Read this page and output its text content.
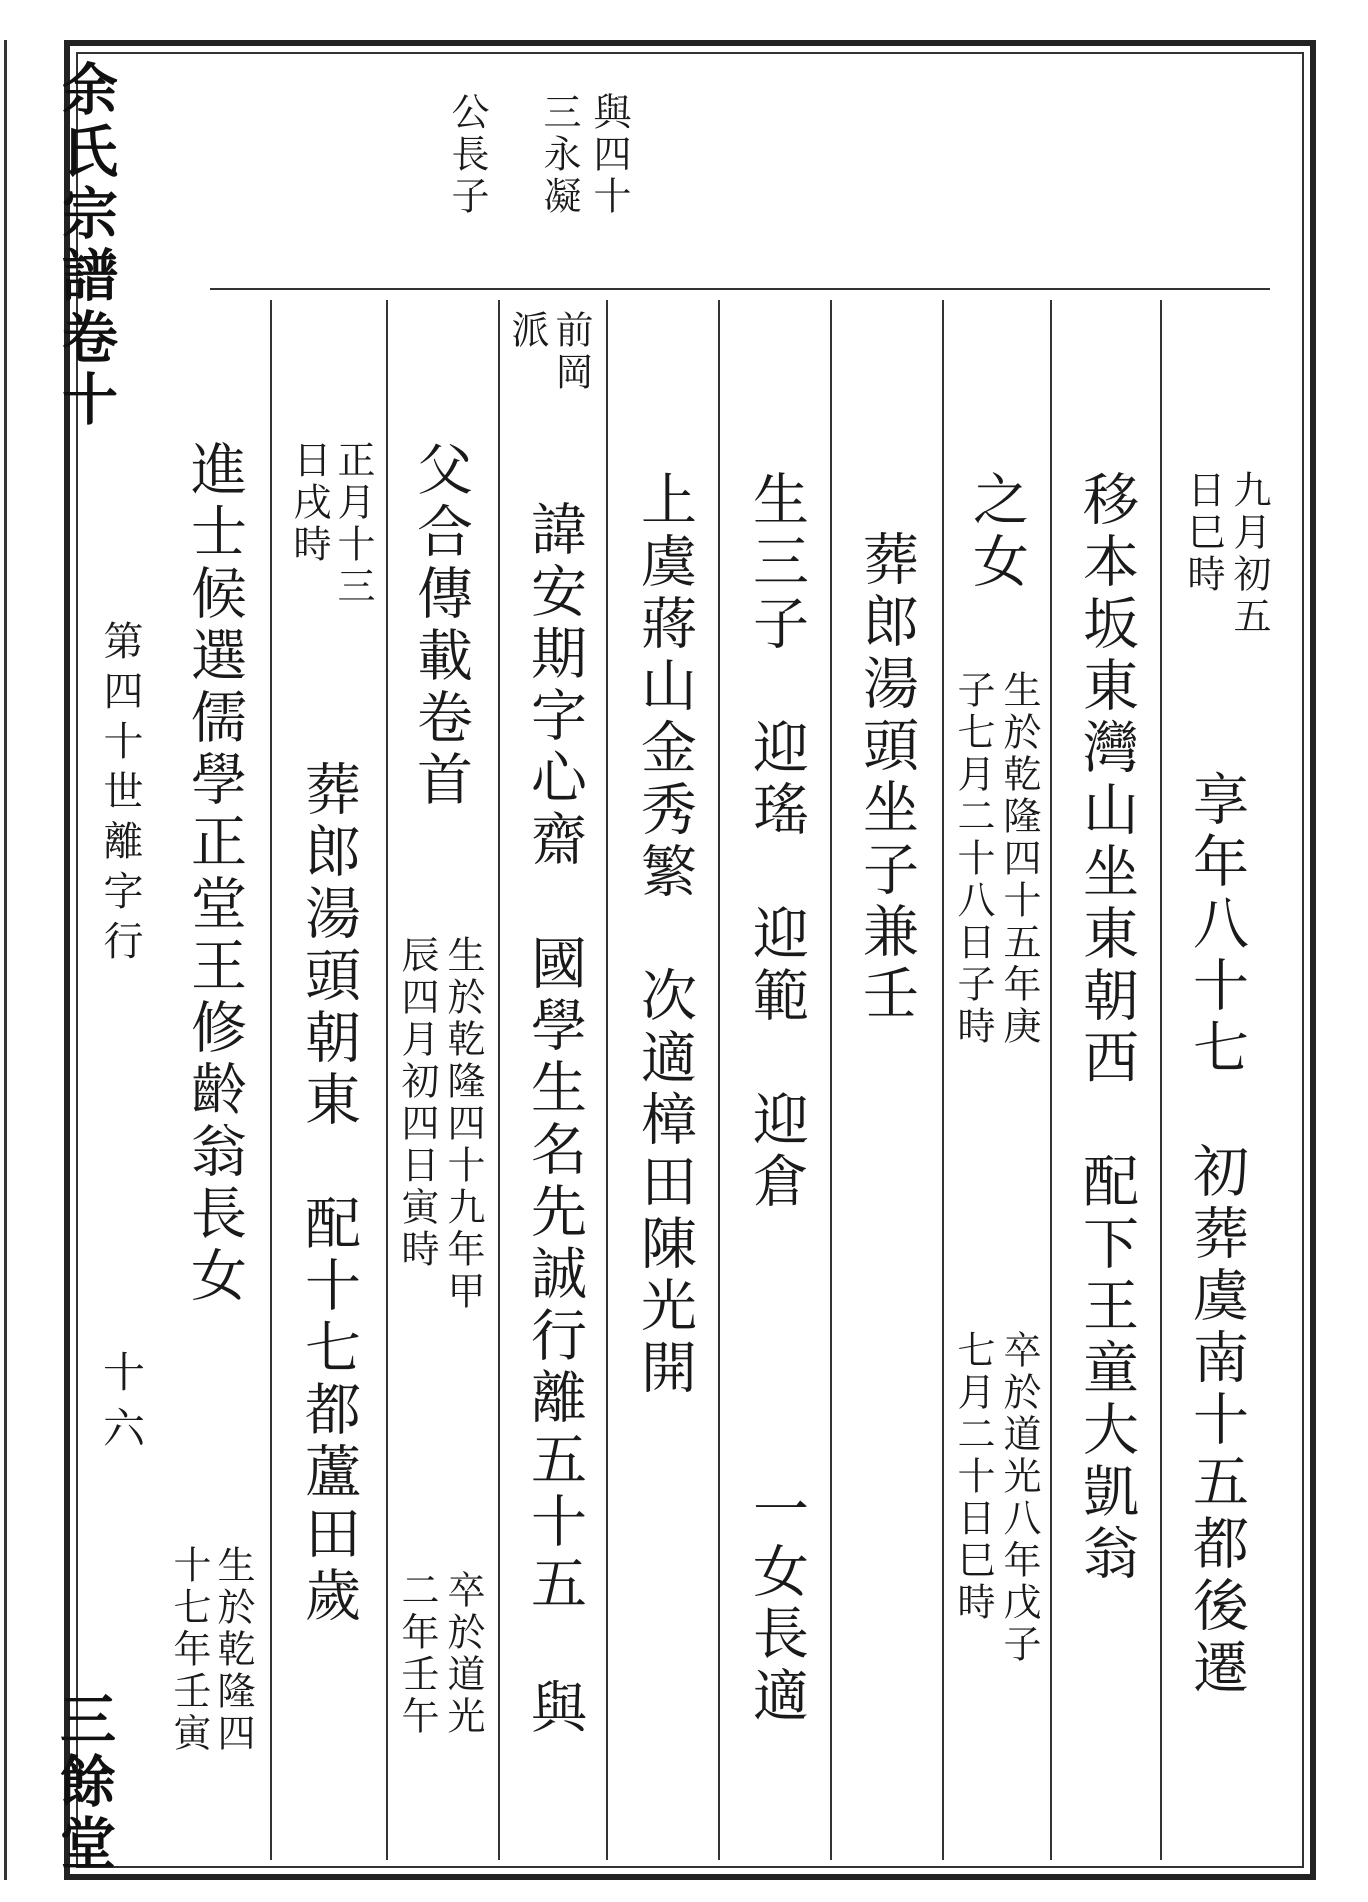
余氏宗譜卷十
第四十世離字行
十六
三餘堂
與四十
三永凝
公長子
九月初五
日巳時
享年八十七　初葬虞南十五都後遷
移本坂東灣山坐東朝西　配下王童大凱翁
之女
生於乾隆四十五年庚
子七月二十八日子時
卒於道光八年戊子
七月二十日巳時
葬郎湯頭坐子兼壬
生三子　迎瑤　迎範　迎倉
一女長適
上虞蔣山金秀繁　次適樟田陳光開
前岡
派
諱安期字心齋　國學生名先誠行離五十五　與
父合傳載卷首
生於乾隆四十九年甲
辰四月初四日寅時
卒於道光
二年壬午
正月十三
日戌時
葬郎湯頭朝東　配十七都蘆田歲
進士候選儒學正堂王修齡翁長女
生於乾隆四
十七年壬寅
